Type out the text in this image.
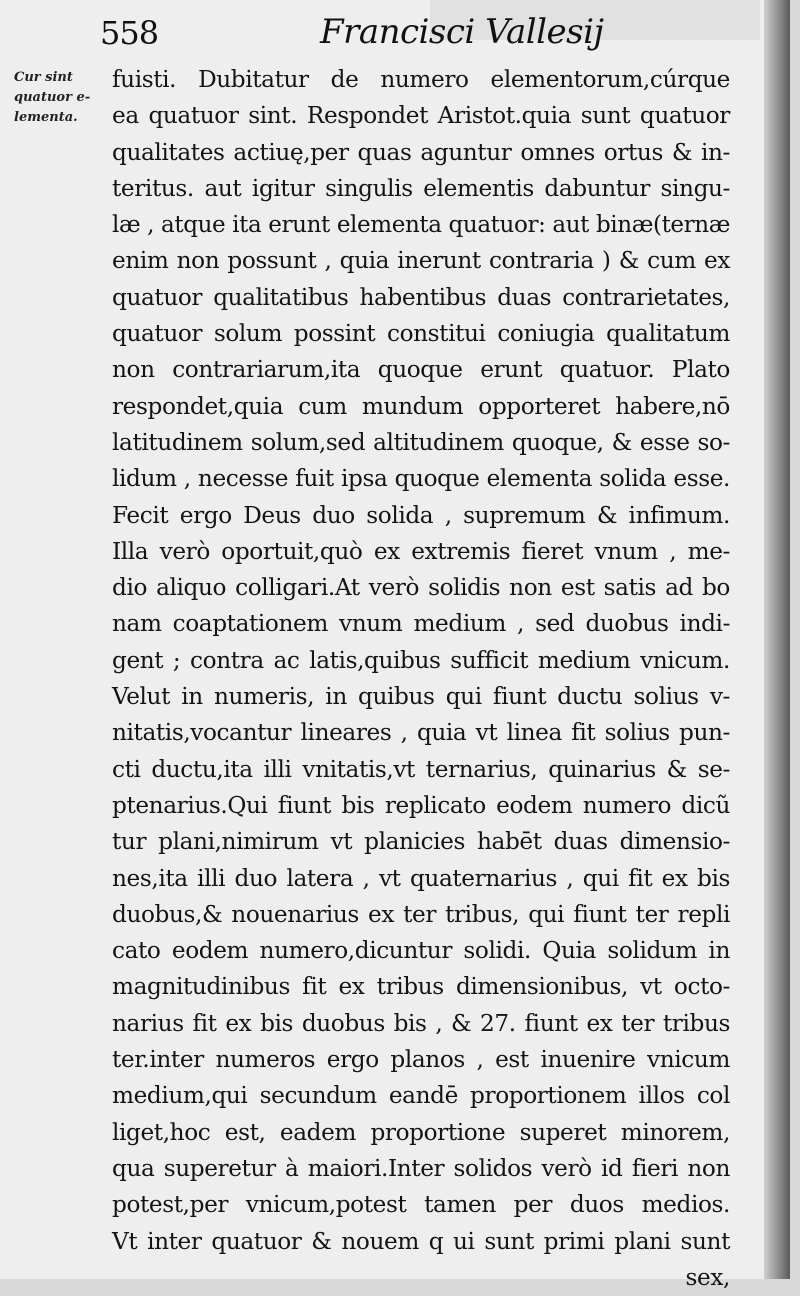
558	Francisci Vallesij
Cur sint
quatuor e-
lementa.
fuisti. Dubitatur de numero elementorum,cúrque
ea quatuor sint. Respondet Aristot.quia sunt quatuor
qualitates actiuę,per quas aguntur omnes ortus & in-
teritus. aut igitur singulis elementis dabuntur singu-
læ , atque ita erunt elementa quatuor: aut binæ(ternæ
enim non possunt , quia inerunt contraria ) & cum ex
quatuor qualitatibus habentibus duas contrarietates,
quatuor solum possint constitui coniugia qualitatum
non contrariarum,ita quoque erunt quatuor. Plato
respondet,quia cum mundum opporteret habere,nō
latitudinem solum,sed altitudinem quoque, & esse so-
lidum , necesse fuit ipsa quoque elementa solida esse.
Fecit ergo Deus duo solida , supremum & infimum.
Illa verò oportuit,quò ex extremis fieret vnum , me-
dio aliquo colligari.At verò solidis non est satis ad bo
nam coaptationem vnum medium , sed duobus indi-
gent ; contra ac latis,quibus sufficit medium vnicum.
Velut in numeris, in quibus qui fiunt ductu solius v-
nitatis,vocantur lineares , quia vt linea fit solius pun-
cti ductu,ita illi vnitatis,vt ternarius, quinarius & se-
ptenarius.Qui fiunt bis replicato eodem numero dicũ
tur plani,nimirum vt planicies habēt duas dimensio-
nes,ita illi duo latera , vt quaternarius , qui fit ex bis
duobus,& nouenarius ex ter tribus, qui fiunt ter repli
cato eodem numero,dicuntur solidi. Quia solidum in
magnitudinibus fit ex tribus dimensionibus, vt octo-
narius fit ex bis duobus bis , & 27. fiunt ex ter tribus
ter.inter numeros ergo planos , est inuenire vnicum
medium,qui secundum eandē proportionem illos col
liget,hoc est, eadem proportione superet minorem,
qua superetur à maiori.Inter solidos verò id fieri non
potest,per vnicum,potest tamen per duos medios.
Vt inter quatuor & nouem q ui sunt primi plani sunt
sex,
